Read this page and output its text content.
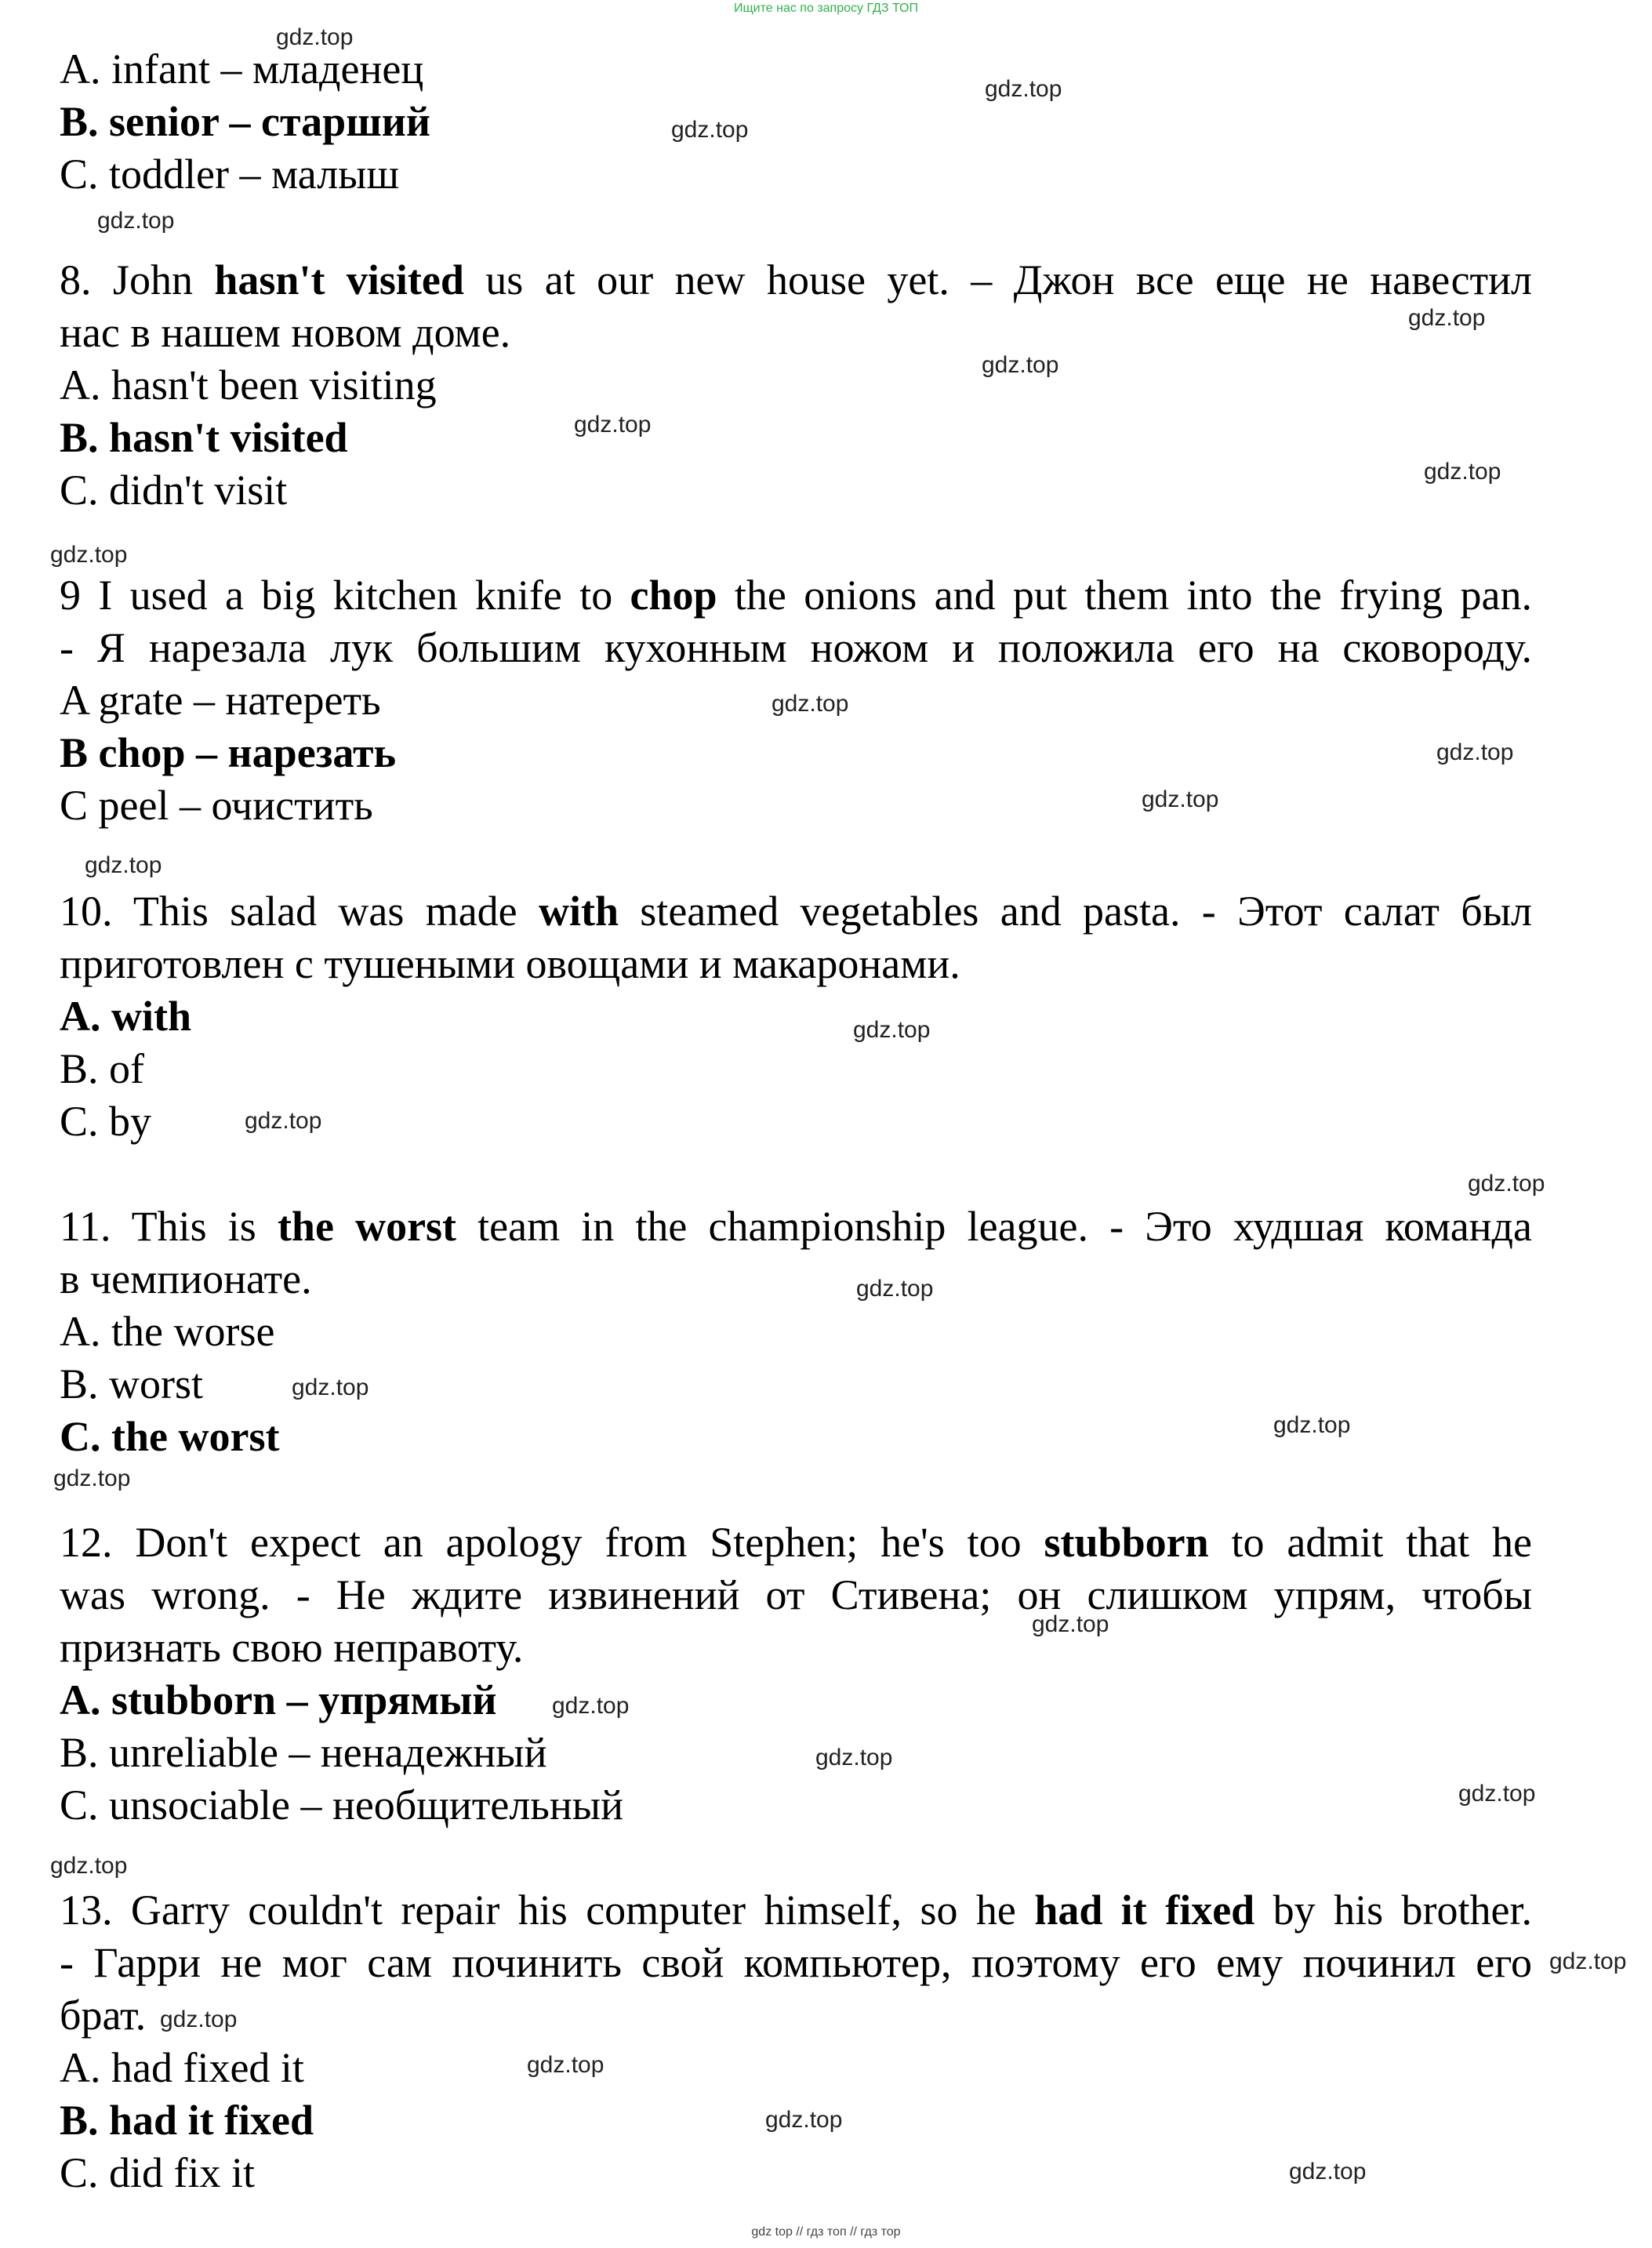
Ищите нас по запросу ГДЗ ТОП
A. infant – младенец
B. senior – старший
C. toddler – малыш
8. John hasn't visited us at our new house yet. – Джон все еще не навестил
нас в нашем новом доме.
A. hasn't been visiting
B. hasn't visited
C. didn't visit
9 I used a big kitchen knife to chop the onions and put them into the frying pan.
- Я нарезала лук большим кухонным ножом и положила его на сковороду.
A grate – натереть
B chop – нарезать
C peel – очистить
10. This salad was made with steamed vegetables and pasta. - Этот салат был
приготовлен с тушеными овощами и макаронами.
A. with
B. of
C. by
11. This is the worst team in the championship league. - Это худшая команда
в чемпионате.
A. the worse
B. worst
C. the worst
12. Don't expect an apology from Stephen; he's too stubborn to admit that he
was wrong. - Не ждите извинений от Стивена; он слишком упрям, чтобы
признать свою неправоту.
A. stubborn – упрямый
B. unreliable – ненадежный
C. unsociable – необщительный
13. Garry couldn't repair his computer himself, so he had it fixed by his brother.
- Гарри не мог сам починить свой компьютер, поэтому его ему починил его
брат.
A. had fixed it
B. had it fixed
C. did fix it
gdz.top
gdz.top
gdz.top
gdz.top
gdz.top
gdz.top
gdz.top
gdz.top
gdz.top
gdz.top
gdz.top
gdz.top
gdz.top
gdz.top
gdz.top
gdz.top
gdz.top
gdz.top
gdz.top
gdz.top
gdz.top
gdz.top
gdz.top
gdz.top
gdz.top
gdz.top
gdz.top
gdz.top
gdz.top
gdz.top
gdz top // гдз топ // гдз тор
